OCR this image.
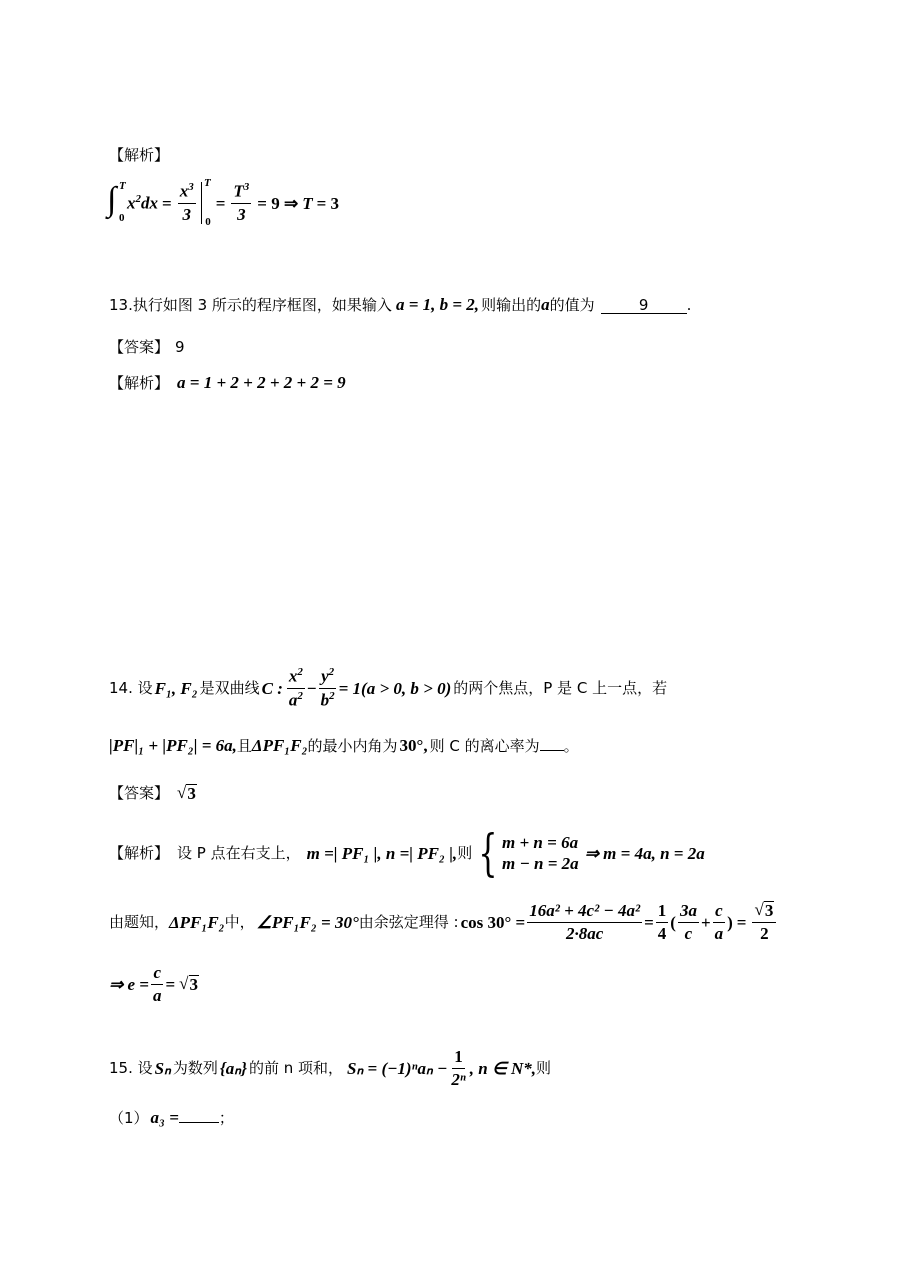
【解析】
∫ T
0
$x^2dx = \frac{x^3}{3}$ T
0
= $\frac{T^3}{3} = 9$ ⇒ T = 3
13.执行如图 3 所示的程序框图，如果输入 a = 1, b = 2, 则输出的 a 的值为	9	.
【答案】 9
【解析】 a = 1 + 2 + 2 + 2 + 2 = 9
14. 设 F₁, F₂ 是双曲线 C : $\frac{x^2}{a^2} - \frac{y^2}{b^2} = 1(a > 0$, b > 0) 的两个焦点，P 是 C 上一点，若
|PF|₁ + |PF₂| = 6a, 且 ΔPF₁F₂ 的最小内角为 30°, 则 C 的离心率为 。
【答案】 √ 3
【解析】 设 P 点在右支上， m =| PF₁ |, n =| PF₂ |, 则 { m + n = 6a
m − n = 2a
⇒ m = 4a, n = 2a
由题知， ΔPF₁F₂ 中， ∠PF₁F₂ = 30° 由余弦定理得 : $\cos 30^\circ = \frac{\text{16a² + 4c² − 4a²}}{2\cdot 8ac} = \frac{1}{4}$ ( $\frac{3a}{c} + \frac{c}{a}$ ) = $\frac{√ 3}{2}$
⇒ $e = \frac{c}{a}$ = √ 3
15. 设 Sₙ 为数列 {aₙ} 的前 n 项和， $S_n = (-1)^na_n - \frac{1}{\text{2ⁿ}}$ , n ∈ N*, 则
（1） a₃ =	；
